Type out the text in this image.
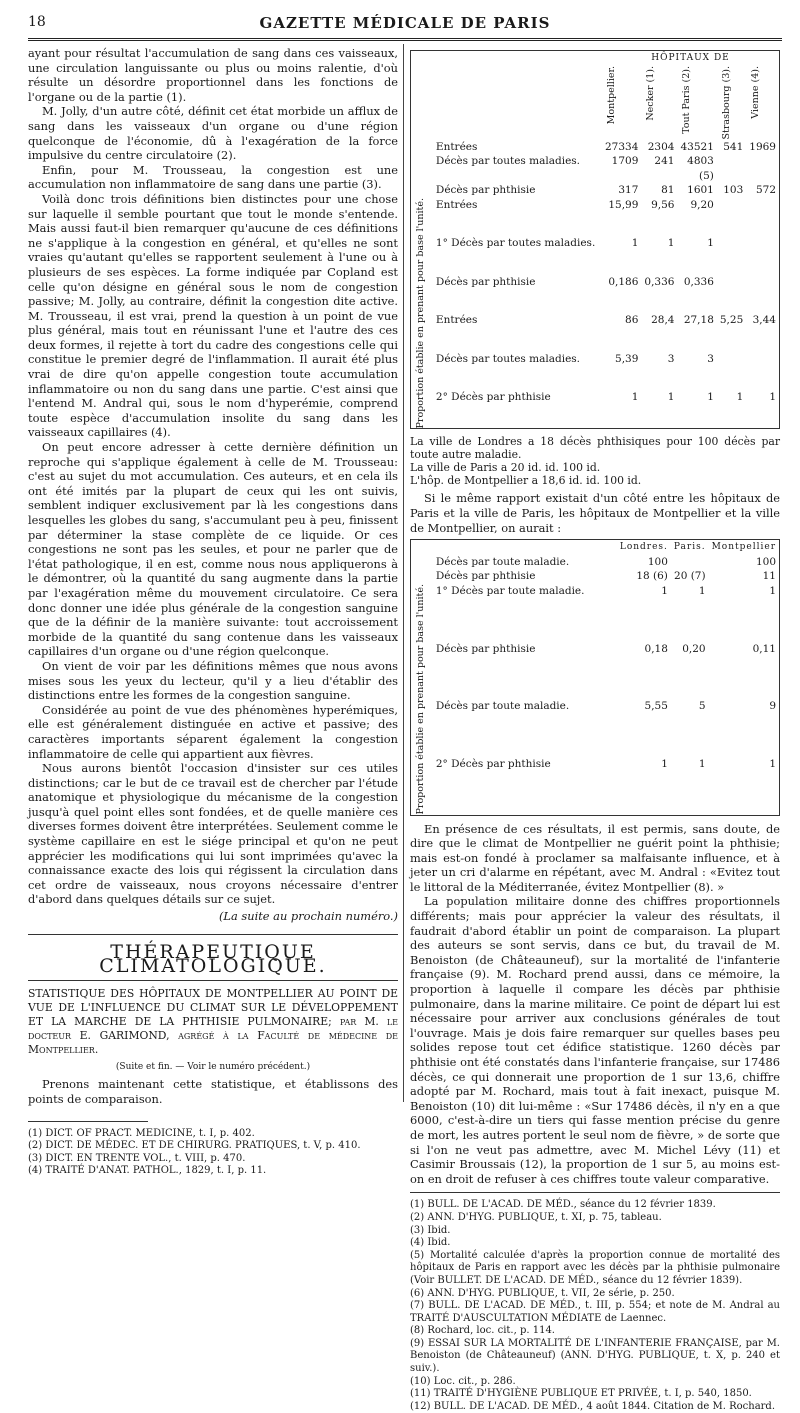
18	GAZETTE MÉDICALE DE PARIS

ayant pour résultat l'accumulation de sang dans ces vaisseaux, une circulation languissante ou plus ou moins ralentie, d'où résulte un désordre proportionnel dans les fonctions de l'organe ou de la partie (1).

M. Jolly, d'un autre côté, définit cet état morbide un afflux de sang dans les vaisseaux d'un organe ou d'une région quelconque de l'économie, dû à l'exagération de la force impulsive du centre circulatoire (2).

Enfin, pour M. Trousseau, la congestion est une accumulation non inflammatoire de sang dans une partie (3).

Voilà donc trois définitions bien distinctes pour une chose sur laquelle il semble pourtant que tout le monde s'entende. Mais aussi faut-il bien remarquer qu'aucune de ces définitions ne s'applique à la congestion en général, et qu'elles ne sont vraies qu'autant qu'elles se rapportent seulement à l'une ou à plusieurs de ses espèces. La forme indiquée par Copland est celle qu'on désigne en général sous le nom de congestion passive; M. Jolly, au contraire, définit la congestion dite active. M. Trousseau, il est vrai, prend la question à un point de vue plus général, mais tout en réunissant l'une et l'autre des ces deux formes, il rejette à tort du cadre des congestions celle qui constitue le premier degré de l'inflammation. Il aurait été plus vrai de dire qu'on appelle congestion toute accumulation inflammatoire ou non du sang dans une partie. C'est ainsi que l'entend M. Andral qui, sous le nom d'hyperémie, comprend toute espèce d'accumulation insolite du sang dans les vaisseaux capillaires (4).

On peut encore adresser à cette dernière définition un reproche qui s'applique également à celle de M. Trousseau: c'est au sujet du mot accumulation. Ces auteurs, et en cela ils ont été imités par la plupart de ceux qui les ont suivis, semblent indiquer exclusivement par là les congestions dans lesquelles les globes du sang, s'accumulant peu à peu, finissent par déterminer la stase complète de ce liquide. Or ces congestions ne sont pas les seules, et pour ne parler que de l'état pathologique, il en est, comme nous nous appliquerons à le démontrer, où la quantité du sang augmente dans la partie par l'exagération même du mouvement circulatoire. Ce sera donc donner une idée plus générale de la congestion sanguine que de la définir de la manière suivante: tout accroissement morbide de la quantité du sang contenue dans les vaisseaux capillaires d'un organe ou d'une région quelconque.

On vient de voir par les définitions mêmes que nous avons mises sous les yeux du lecteur, qu'il y a lieu d'établir des distinctions entre les formes de la congestion sanguine.

Considérée au point de vue des phénomènes hyperémiques, elle est généralement distinguée en active et passive; des caractères importants séparent également la congestion inflammatoire de celle qui appartient aux fièvres.

Nous aurons bientôt l'occasion d'insister sur ces utiles distinctions; car le but de ce travail est de chercher par l'étude anatomique et physiologique du mécanisme de la congestion jusqu'à quel point elles sont fondées, et de quelle manière ces diverses formes doivent être interprétées. Seulement comme le système capillaire en est le siége principal et qu'on ne peut apprécier les modifications qui lui sont imprimées qu'avec la connaissance exacte des lois qui régissent la circulation dans cet ordre de vaisseaux, nous croyons nécessaire d'entrer d'abord dans quelques détails sur ce sujet.

(La suite au prochain numéro.)
THÉRAPEUTIQUE CLIMATOLOGIQUE.
STATISTIQUE DES HÔPITAUX DE MONTPELLIER AU POINT DE VUE DE L'INFLUENCE DU CLIMAT SUR LE DÉVELOPPEMENT ET LA MARCHE DE LA PHTHISIE PULMONAIRE; par M. le docteur E. GARIMOND, agrégé à la Faculté de médecine de Montpellier.
(Suite et fin. — Voir le numéro précédent.)

Prenons maintenant cette statistique, et établissons des points de comparaison.

(1) DICT. OF PRACT. MEDICINE, t. I, p. 402.
(2) DICT. DE MÉDEC. ET DE CHIRURG. PRATIQUES, t. V, p. 410.
(3) DICT. EN TRENTE VOL., t. VIII, p. 470.
(4) TRAITÉ D'ANAT. PATHOL., 1829, t. I, p. 11.
		HÔPITAUX DE				

		Montpellier.	Necker (1).	Tout Paris (2).	Strasbourg (3).	Vienne (4).

	Entrées	27334	2304	43521	541	1969
	Décès par toutes maladies.	1709	241	4803 (5)		
	Décès par phthisie	317	81	1601	103	572

Proportion établie en prenant pour base l'unité.	Entrées	15,99	9,56	9,20		
	1° Décès par toutes maladies.	1	1	1		
	Décès par phthisie	0,186	0,336	0,336		
	Entrées	86	28,4	27,18	5,25	3,44
	Décès par toutes maladies.	5,39	3	3		
	2° Décès par phthisie	1	1	1	1	1
La ville de Londres a 18 décès phthisiques pour 100 décès par toute autre maladie.
La ville de Paris a 20 id. id. 100 id.
L'hôp. de Montpellier a 18,6 id. id. 100 id.

Si le même rapport existait d'un côté entre les hôpitaux de Paris et la ville de Paris, les hôpitaux de Montpellier et la ville de Montpellier, on aurait :

		Londres.	Paris.	Montpellier
	Décès par toute maladie.	100		100
	Décès par phthisie	18 (6)	20 (7)	11

Proportion établie en prenant pour base l'unité.	1° Décès par toute maladie.	1	1	1
	Décès par phthisie	0,18	0,20	0,11
	Décès par toute maladie.	5,55	5	9
	2° Décès par phthisie	1	1	1

En présence de ces résultats, il est permis, sans doute, de dire que le climat de Montpellier ne guérit point la phthisie; mais est-on fondé à proclamer sa malfaisante influence, et à jeter un cri d'alarme en répétant, avec M. Andral : «Evitez tout le littoral de la Méditerranée, évitez Montpellier (8). »

La population militaire donne des chiffres proportionnels différents; mais pour apprécier la valeur des résultats, il faudrait d'abord établir un point de comparaison. La plupart des auteurs se sont servis, dans ce but, du travail de M. Benoiston (de Châteauneuf), sur la mortalité de l'infanterie française (9). M. Rochard prend aussi, dans ce mémoire, la proportion à laquelle il compare les décès par phthisie pulmonaire, dans la marine militaire. Ce point de départ lui est nécessaire pour arriver aux conclusions générales de tout l'ouvrage. Mais je dois faire remarquer sur quelles bases peu solides repose tout cet édifice statistique. 1260 décès par phthisie ont été constatés dans l'infanterie française, sur 17486 décès, ce qui donnerait une proportion de 1 sur 13,6, chiffre adopté par M. Rochard, mais tout à fait inexact, puisque M. Benoiston (10) dit lui-même : «Sur 17486 décès, il n'y en a que 6000, c'est-à-dire un tiers qui fasse mention précise du genre de mort, les autres portent le seul nom de fièvre, » de sorte que si l'on ne veut pas admettre, avec M. Michel Lévy (11) et Casimir Broussais (12), la proportion de 1 sur 5, au moins est-on en droit de refuser à ces chiffres toute valeur comparative.

(1) BULL. DE L'ACAD. DE MÉD., séance du 12 février 1839.
(2) ANN. D'HYG. PUBLIQUE, t. XI, p. 75, tableau.
(3) Ibid.
(4) Ibid.
(5) Mortalité calculée d'après la proportion connue de mortalité des hôpitaux de Paris en rapport avec les décès par la phthisie pulmonaire (Voir BULLET. DE L'ACAD. DE MÉD., séance du 12 février 1839).
(6) ANN. D'HYG. PUBLIQUE, t. VII, 2e série, p. 250.
(7) BULL. DE L'ACAD. DE MÉD., t. III, p. 554; et note de M. Andral au TRAITÉ D'AUSCULTATION MÉDIATE de Laennec.
(8) Rochard, loc. cit., p. 114.
(9) ESSAI SUR LA MORTALITÉ DE L'INFANTERIE FRANÇAISE, par M. Benoiston (de Châteauneuf) (ANN. D'HYG. PUBLIQUE, t. X, p. 240 et suiv.).
(10) Loc. cit., p. 286.
(11) TRAITÉ D'HYGIÈNE PUBLIQUE ET PRIVÉE, t. I, p. 540, 1850.
(12) BULL. DE L'ACAD. DE MÉD., 4 août 1844. Citation de M. Rochard.
